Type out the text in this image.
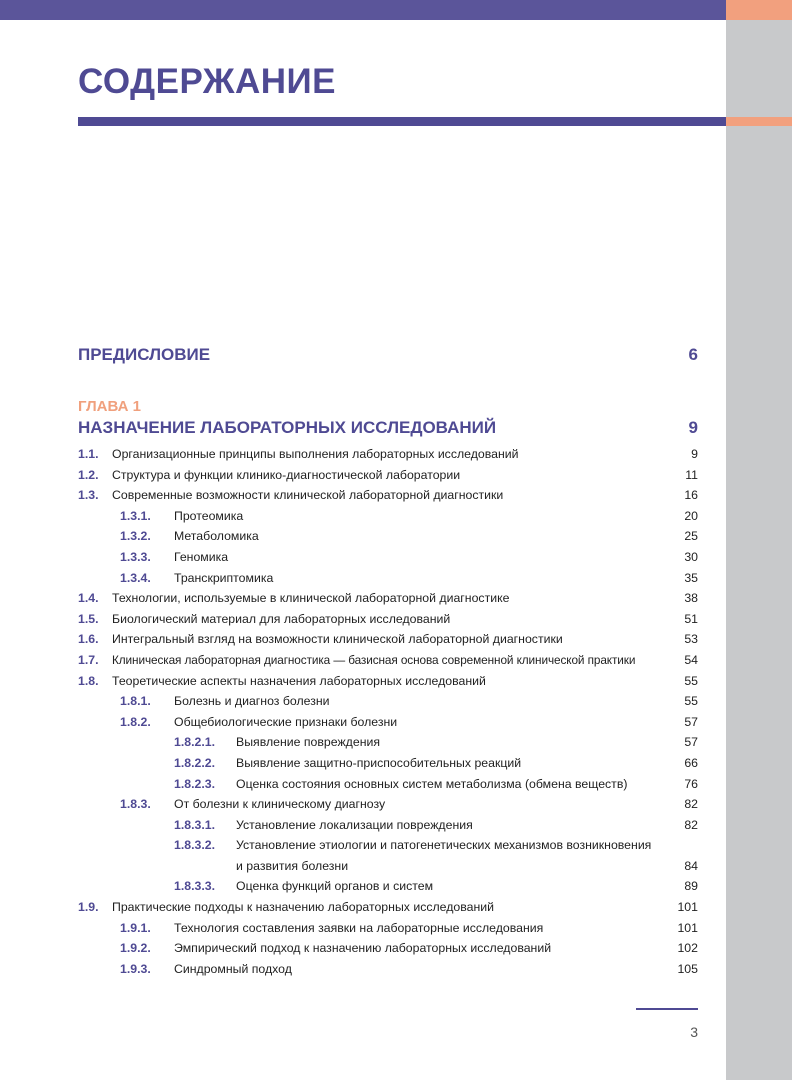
СОДЕРЖАНИЕ
ПРЕДИСЛОВИЕ	6
ГЛАВА 1
НАЗНАЧЕНИЕ ЛАБОРАТОРНЫХ ИССЛЕДОВАНИЙ	9
1.1.	Организационные принципы выполнения лабораторных исследований	9
1.2.	Структура и функции клинико-диагностической лаборатории	11
1.3.	Современные возможности клинической лабораторной диагностики	16
1.3.1.	Протеомика	20
1.3.2.	Метаболомика	25
1.3.3.	Геномика	30
1.3.4.	Транскриптомика	35
1.4.	Технологии, используемые в клинической лабораторной диагностике	38
1.5.	Биологический материал для лабораторных исследований	51
1.6.	Интегральный взгляд на возможности клинической лабораторной диагностики	53
1.7.	Клиническая лабораторная диагностика — базисная основа современной клинической практики	54
1.8.	Теоретические аспекты назначения лабораторных исследований	55
1.8.1.	Болезнь и диагноз болезни	55
1.8.2.	Общебиологические признаки болезни	57
1.8.2.1.	Выявление повреждения	57
1.8.2.2.	Выявление защитно-приспособительных реакций	66
1.8.2.3.	Оценка состояния основных систем метаболизма (обмена веществ)	76
1.8.3.	От болезни к клиническому диагнозу	82
1.8.3.1.	Установление локализации повреждения	82
1.8.3.2.	Установление этиологии и патогенетических механизмов возникновения
и развития болезни	84
1.8.3.3.	Оценка функций органов и систем	89
1.9.	Практические подходы к назначению лабораторных исследований	101
1.9.1.	Технология составления заявки на лабораторные исследования	101
1.9.2.	Эмпирический подход к назначению лабораторных исследований	102
1.9.3.	Синдромный подход	105
3
